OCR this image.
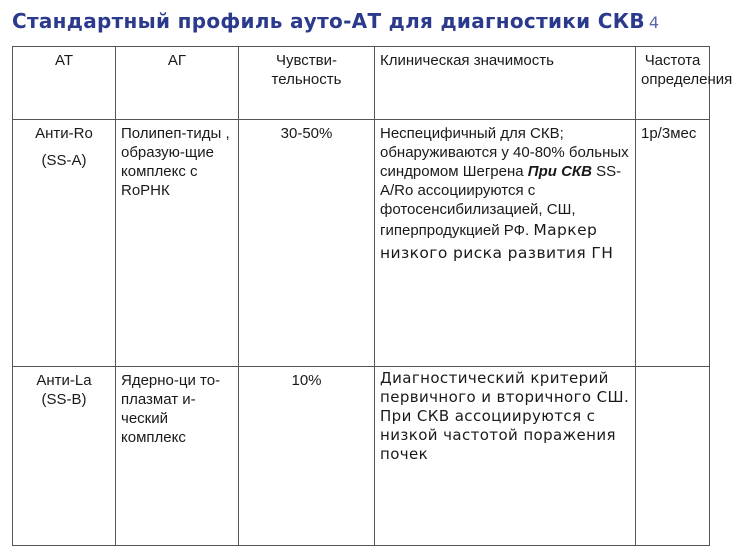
Стандартный профиль ауто-АТ для диагностики СКВ 4
АТ	АГ	Чувстви-тельность	Клиническая значимость	Частота определения

Анти-Ro
(SS-A)	Полипеп-тиды , образую-щие комплекс с RoРНК	30-50%	Неспецифичный для СКВ; обнаруживаются у 40-80% больных синдромом Шегрена При СКВ SS-A/Ro ассоциируются с фотосенсибилизацией, СШ, гиперпродукцией РФ. Маркер низкого риска развития ГН	1р/3мес

Анти-La
(SS-B)	Ядерно-ци то-плазмат и-ческий комплекс	10%	Диагностический критерий первичного и вторичного СШ. При СКВ ассоциируются с низкой частотой поражения почек	
